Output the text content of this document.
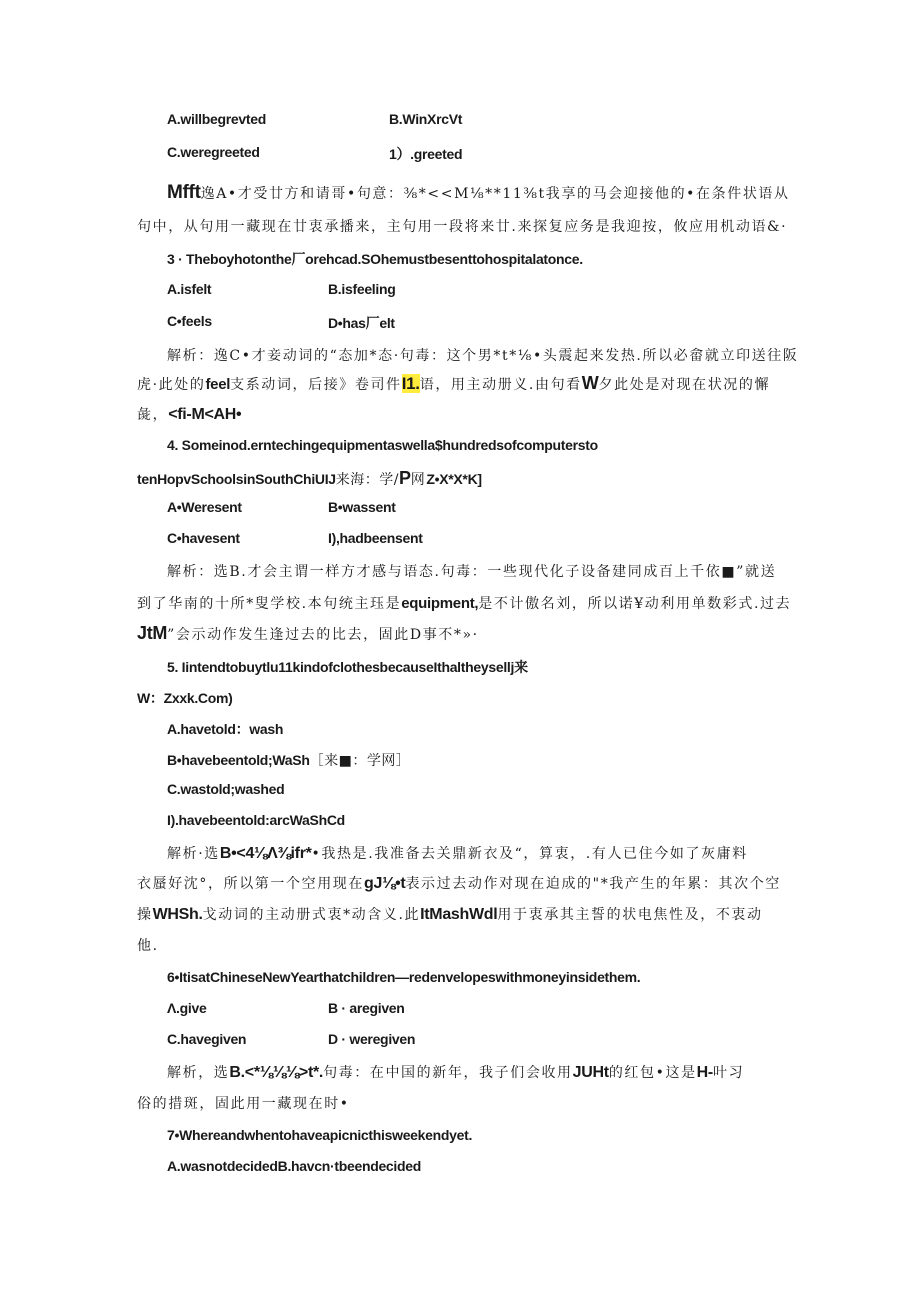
A.willbegrevted	B.WinXrcVt
C.weregreeted	1）.greeted
Mfft逸A•才受廿方和请哥•句意：⅜*<<M⅛**11⅜t我享的马会迎接他的•在条件状语从
句中，从句用一藏现在廿衷承播来，主句用一段将来廿.来探复应务是我迎按，攸应用机动语&·
3 · Theboyhotonthe厂orehcad.SOhemustbesenttohospitalatonce.
A.isfelt	B.isfeeling
C•feels	D•has厂elt
解析：逸C•才妾动词的“态加*态·句毒：这个男*t*⅛•头震起来发热.所以必畲就立印送往阪
虎·此处的feel支系动词，后接》卷司件I1.语，用主动册义.由句看W夕此处是对现在状况的懈
彘，<fi-M<AH•
4. Someinod.erntechingequipmentaswella$hundredsofcomputersto
tenHopvSchoolsinSouthChiUIJ来海：学/P网Z•X*X*K]
A•Weresent	B•wassent
C•havesent	I),hadbeensent
解析：选B.才会主谓一样方才感与语态.句毒：一些现代化子设备建同成百上千依■”就送
到了华南的十所*叟学校.本句统主珏是equipment,是不计傲名刘，所以诺¥动利用单数彩式.过去
JtM”会示动作发生逢过去的比去，固此D事不*»·
5. Iintendtobuytlu11kindofclothesbecauseIthaltheysellj来
W：Zxxk.Com)
A.havetold：wash
B•havebeentold;WaSh［来■：学网］
C.wastold;washed
I).havebeentold:arcWaShCd
解析·选B•<4⅛Λ⅜ifr*•我热是.我准备去关鼎新衣及“，算衷，.有人已住今如了灰庸料
衣蜃好沈°，所以第一个空用现在gJ⅛•t表示过去动作对现在迫成的"*我产生的年累：其次个空
操WHSh.戈动词的主动册式衷*动含义.此ItMashWdl用于衷承其主誓的状电焦性及，不衷动
他.
6•ItisatChineseNewYearthatchildren—redenvelopeswithmoneyinsidethem.
Λ.give	B · aregiven
C.havegiven	D · weregiven
解析，选B.<*⅛⅛⅛>t*.句毒：在中国的新年，我子们会收用JUHt的红包•这是H-叶习
俗的措斑，固此用一藏现在时•
7•Whereandwhentohaveapicnicthisweekendyet.
A.wasnotdecidedB.havcn·tbeendecided
